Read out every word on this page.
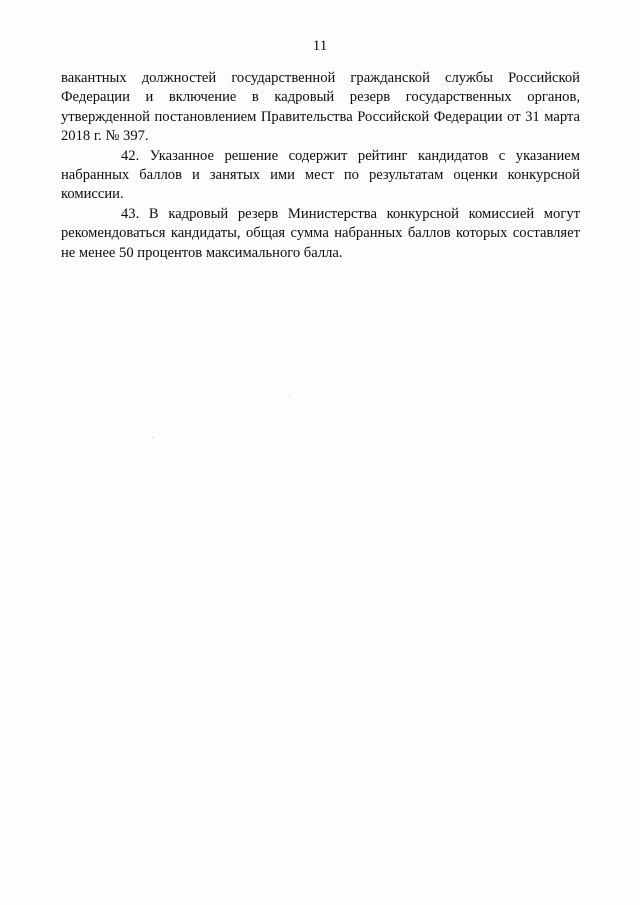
11

вакантных должностей государственной гражданской службы Российской Федерации и включение в кадровый резерв государственных органов, утвержденной постановлением Правительства Российской Федерации от 31 марта 2018 г. № 397.

42. Указанное решение содержит рейтинг кандидатов с указанием набранных баллов и занятых ими мест по результатам оценки конкурсной комиссии.

43. В кадровый резерв Министерства конкурсной комиссией могут рекомендоваться кандидаты, общая сумма набранных баллов которых составляет не менее 50 процентов максимального балла.
